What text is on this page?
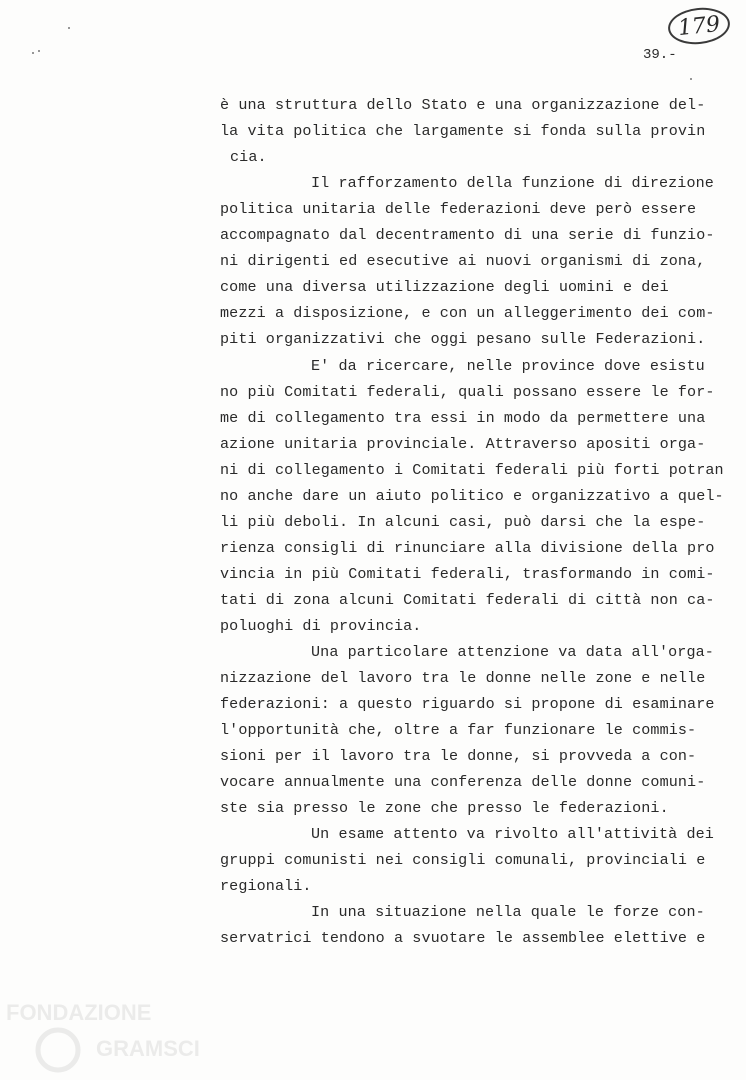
179
39.-
è una struttura dello Stato e una organizzazione del-
la vita politica che largamente si fonda sulla provin
cia.
Il rafforzamento della funzione di direzione
politica unitaria delle federazioni deve però essere
accompagnato dal decentramento di una serie di funzio-
ni dirigenti ed esecutive ai nuovi organismi di zona,
come una diversa utilizzazione degli uomini e dei
mezzi a disposizione, e con un alleggerimento dei com-
piti organizzativi che oggi pesano sulle Federazioni.
E' da ricercare, nelle province dove esistu
no più Comitati federali, quali possano essere le for-
me di collegamento tra essi in modo da permettere una
azione unitaria provinciale. Attraverso apositi orga-
ni di collegamento i Comitati federali più forti potran
no anche dare un aiuto politico e organizzativo a quel-
li più deboli. In alcuni casi, può darsi che la espe-
rienza consigli di rinunciare alla divisione della pro
vincia in più Comitati federali, trasformando in comi-
tati di zona alcuni Comitati federali di città non ca-
poluoghi di provincia.
Una particolare attenzione va data all'orga-
nizzazione del lavoro tra le donne nelle zone e nelle
federazioni: a questo riguardo si propone di esaminare
l'opportunità che, oltre a far funzionare le commis-
sioni per il lavoro tra le donne, si provveda a con-
vocare annualmente una conferenza delle donne comuni-
ste sia presso le zone che presso le federazioni.
Un esame attento va rivolto all'attività dei
gruppi comunisti nei consigli comunali, provinciali e
regionali.
In una situazione nella quale le forze con-
servatrici tendono a svuotare le assemblee elettive e
FONDAZIONE
GRAMSCI
